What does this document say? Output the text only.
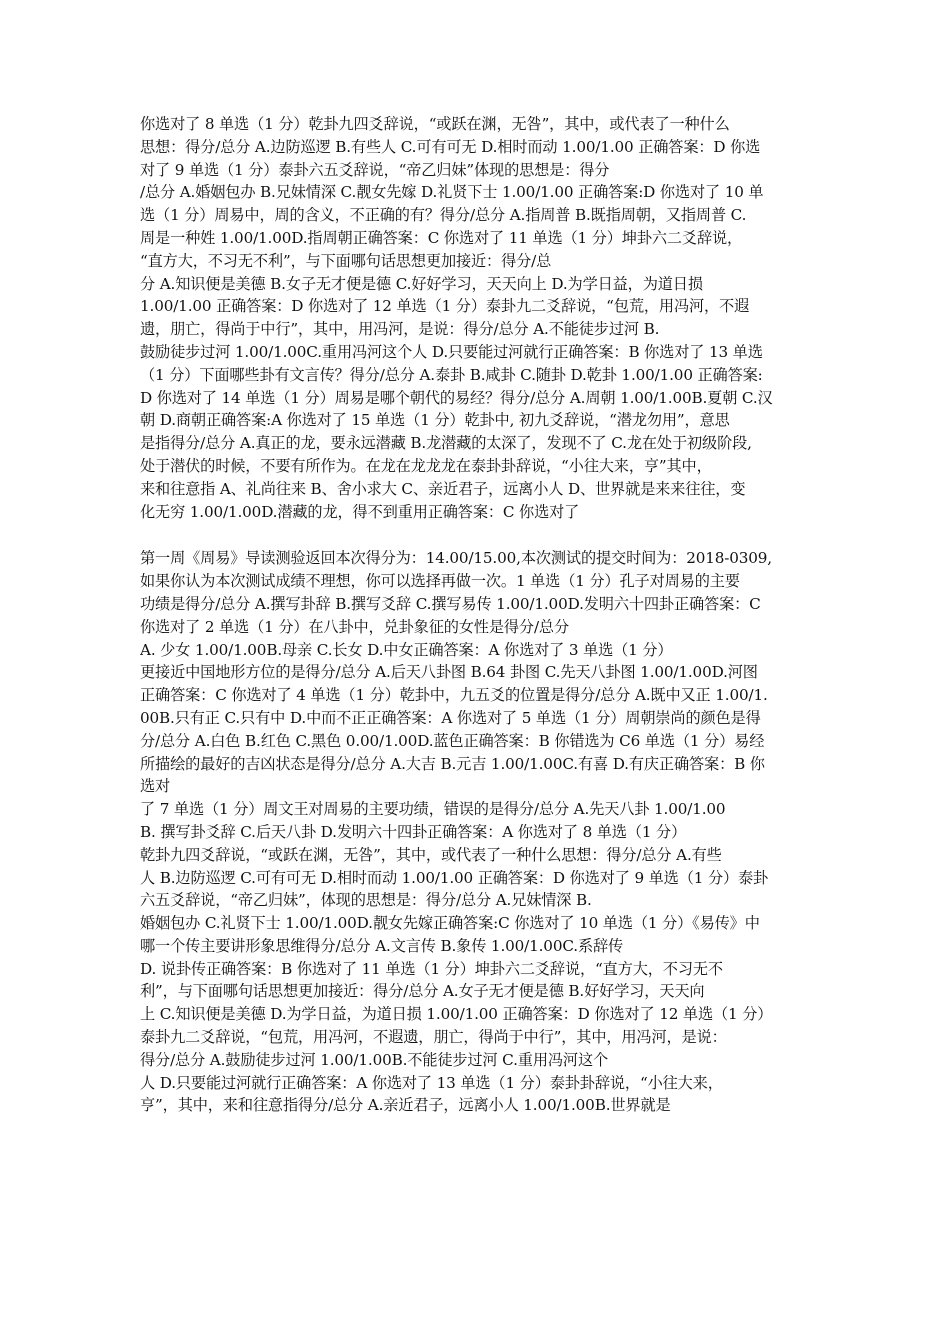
你选对了 8 单选（1 分）乾卦九四爻辞说，“或跃在渊，无咎”，其中，或代表了一种什么
思想：得分/总分 A.边防巡逻 B.有些人 C.可有可无 D.相时而动 1.00/1.00 正确答案：D 你选
对了 9 单选（1 分）泰卦六五爻辞说，“帝乙归妹”体现的思想是：得分
/总分 A.婚姻包办 B.兄妹情深 C.靓女先嫁 D.礼贤下士 1.00/1.00 正确答案:D 你选对了 10 单
选（1 分）周易中，周的含义，不正确的有？得分/总分 A.指周普 B.既指周朝，又指周普 C.
周是一种姓 1.00/1.00D.指周朝正确答案：C 你选对了 11 单选（1 分）坤卦六二爻辞说，
“直方大，不习无不利”，与下面哪句话思想更加接近：得分/总
分 A.知识便是美德 B.女子无才便是德 C.好好学习，天天向上 D.为学日益，为道日损
1.00/1.00 正确答案：D 你选对了 12 单选（1 分）泰卦九二爻辞说，“包荒，用冯河，不遐
遗，朋亡，得尚于中行”，其中，用冯河，是说：得分/总分 A.不能徒步过河 B.
鼓励徒步过河 1.00/1.00C.重用冯河这个人 D.只要能过河就行正确答案：B 你选对了 13 单选
（1 分）下面哪些卦有文言传？得分/总分 A.泰卦 B.咸卦 C.随卦 D.乾卦 1.00/1.00 正确答案:
D 你选对了 14 单选（1 分）周易是哪个朝代的易经？得分/总分 A.周朝 1.00/1.00B.夏朝 C.汉
朝 D.商朝正确答案:A 你选对了 15 单选（1 分）乾卦中, 初九爻辞说，“潜龙勿用”，意思
是指得分/总分 A.真正的龙，要永远潜藏 B.龙潜藏的太深了，发现不了 C.龙在处于初级阶段,
处于潜伏的时候，不要有所作为。在龙在龙龙龙在泰卦卦辞说，“小往大来，亨”其中，
来和往意指 A、礼尚往来 B、舍小求大 C、亲近君子，远离小人 D、世界就是来来往往，变
化无穷 1.00/1.00D.潜藏的龙，得不到重用正确答案：C 你选对了
第一周《周易》导读测验返回本次得分为：14.00/15.00,本次测试的提交时间为：2018-0309,
如果你认为本次测试成绩不理想，你可以选择再做一次。1 单选（1 分）孔子对周易的主要
功绩是得分/总分 A.撰写卦辞 B.撰写爻辞 C.撰写易传 1.00/1.00D.发明六十四卦正确答案：C
你选对了 2 单选（1 分）在八卦中，兑卦象征的女性是得分/总分
A. 少女 1.00/1.00B.母亲 C.长女 D.中女正确答案：A 你选对了 3 单选（1 分）
更接近中国地形方位的是得分/总分 A.后天八卦图 B.64 卦图 C.先天八卦图 1.00/1.00D.河图
正确答案：C 你选对了 4 单选（1 分）乾卦中，九五爻的位置是得分/总分 A.既中又正 1.00/1.
00B.只有正 C.只有中 D.中而不正正确答案：A 你选对了 5 单选（1 分）周朝崇尚的颜色是得
分/总分 A.白色 B.红色 C.黑色 0.00/1.00D.蓝色正确答案：B 你错选为 C6 单选（1 分）易经
所描绘的最好的吉凶状态是得分/总分 A.大吉 B.元吉 1.00/1.00C.有喜 D.有庆正确答案：B 你
选对
了 7 单选（1 分）周文王对周易的主要功绩，错误的是得分/总分 A.先天八卦 1.00/1.00
B. 撰写卦爻辞 C.后天八卦 D.发明六十四卦正确答案：A 你选对了 8 单选（1 分）
乾卦九四爻辞说，“或跃在渊，无咎”，其中，或代表了一种什么思想：得分/总分 A.有些
人 B.边防巡逻 C.可有可无 D.相时而动 1.00/1.00 正确答案：D 你选对了 9 单选（1 分）泰卦
六五爻辞说，“帝乙归妹”，体现的思想是：得分/总分 A.兄妹情深 B.
婚姻包办 C.礼贤下士 1.00/1.00D.靓女先嫁正确答案:C 你选对了 10 单选（1 分）《易传》中
哪一个传主要讲形象思维得分/总分 A.文言传 B.象传 1.00/1.00C.系辞传
D. 说卦传正确答案：B 你选对了 11 单选（1 分）坤卦六二爻辞说，“直方大，不习无不
利”，与下面哪句话思想更加接近：得分/总分 A.女子无才便是德 B.好好学习，天天向
上 C.知识便是美德 D.为学日益，为道日损 1.00/1.00 正确答案：D 你选对了 12 单选（1 分）
泰卦九二爻辞说，“包荒，用冯河，不遐遗，朋亡，得尚于中行”，其中，用冯河，是说：
得分/总分 A.鼓励徒步过河 1.00/1.00B.不能徒步过河 C.重用冯河这个
人 D.只要能过河就行正确答案：A 你选对了 13 单选（1 分）泰卦卦辞说，“小往大来，
亨”，其中，来和往意指得分/总分 A.亲近君子，远离小人 1.00/1.00B.世界就是
